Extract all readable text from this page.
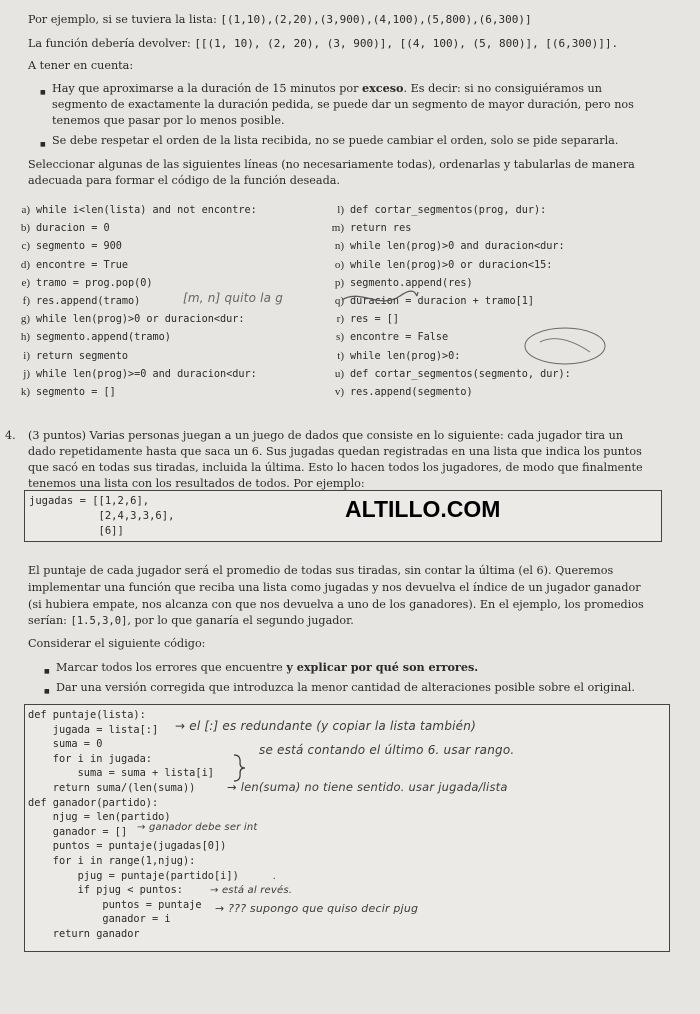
Por ejemplo, si se tuviera la lista: [(1,10),(2,20),(3,900),(4,100),(5,800),(6,300)]
La función debería devolver: [[(1, 10), (2, 20), (3, 900)], [(4, 100), (5, 800)], [(6,300)]].
A tener en cuenta:
■ Hay que aproximarse a la duración de 15 minutos por exceso. Es decir: si no consiguiéramos un
segmento de exactamente la duración pedida, se puede dar un segmento de mayor duración, pero nos
tenemos que pasar por lo menos posible.
■ Se debe respetar el orden de la lista recibida, no se puede cambiar el orden, solo se pide separarla.
Seleccionar algunas de las siguientes líneas (no necesariamente todas), ordenarlas y tabularlas de manera
adecuada para formar el código de la función deseada.
a) while i<len(lista) and not encontre:
b) duracion = 0
c) segmento = 900
d) encontre = True
e) tramo = prog.pop(0)
f) res.append(tramo)
g) while len(prog)>0 or duracion<dur:
h) segmento.append(tramo)
i) return segmento
j) while len(prog)>=0 and duracion<dur:
k) segmento = []
l) def cortar_segmentos(prog, dur):
m) return res
n) while len(prog)>0 and duracion<dur:
o) while len(prog)>0 or duracion<15:
p) segmento.append(res)
q) duracion = duracion + tramo[1]
r) res = []
s) encontre = False
t) while len(prog)>0:
u) def cortar_segmentos(segmento, dur):
v) res.append(segmento)
[m, n] quito la g
4. (3 puntos) Varias personas juegan a un juego de dados que consiste en lo siguiente: cada jugador tira un
dado repetidamente hasta que saca un 6. Sus jugadas quedan registradas en una lista que indica los puntos
que sacó en todas sus tiradas, incluida la última. Esto lo hacen todos los jugadores, de modo que finalmente
tenemos una lista con los resultados de todos. Por ejemplo:
jugadas = [[1,2,6],
[2,4,3,3,6],
[6]]
ALTILLO.COM
El puntaje de cada jugador será el promedio de todas sus tiradas, sin contar la última (el 6). Queremos
implementar una función que reciba una lista como jugadas y nos devuelva el índice de un jugador ganador
(si hubiera empate, nos alcanza con que nos devuelva a uno de los ganadores). En el ejemplo, los promedios
serían: [1.5,3,0], por lo que ganaría el segundo jugador.
Considerar el siguiente código:
■ Marcar todos los errores que encuentre y explicar por qué son errores.
■ Dar una versión corregida que introduzca la menor cantidad de alteraciones posible sobre el original.
def puntaje(lista):
jugada = lista[:]
suma = 0
for i in jugada:
suma = suma + lista[i]
return suma/(len(suma))
def ganador(partido):
njug = len(partido)
ganador = []
puntos = puntaje(jugadas[0])
for i in range(1,njug):
pjug = puntaje(partido[i])
if pjug < puntos:
puntos = puntaje
ganador = i
return ganador
→ el [:] es redundante (y copiar la lista también)
se está contando el último 6. usar rango.
→ len(suma) no tiene sentido. usar jugada/lista
→ ganador debe ser int
.
→ está al revés.
→ ??? supongo que quiso decir pjug
